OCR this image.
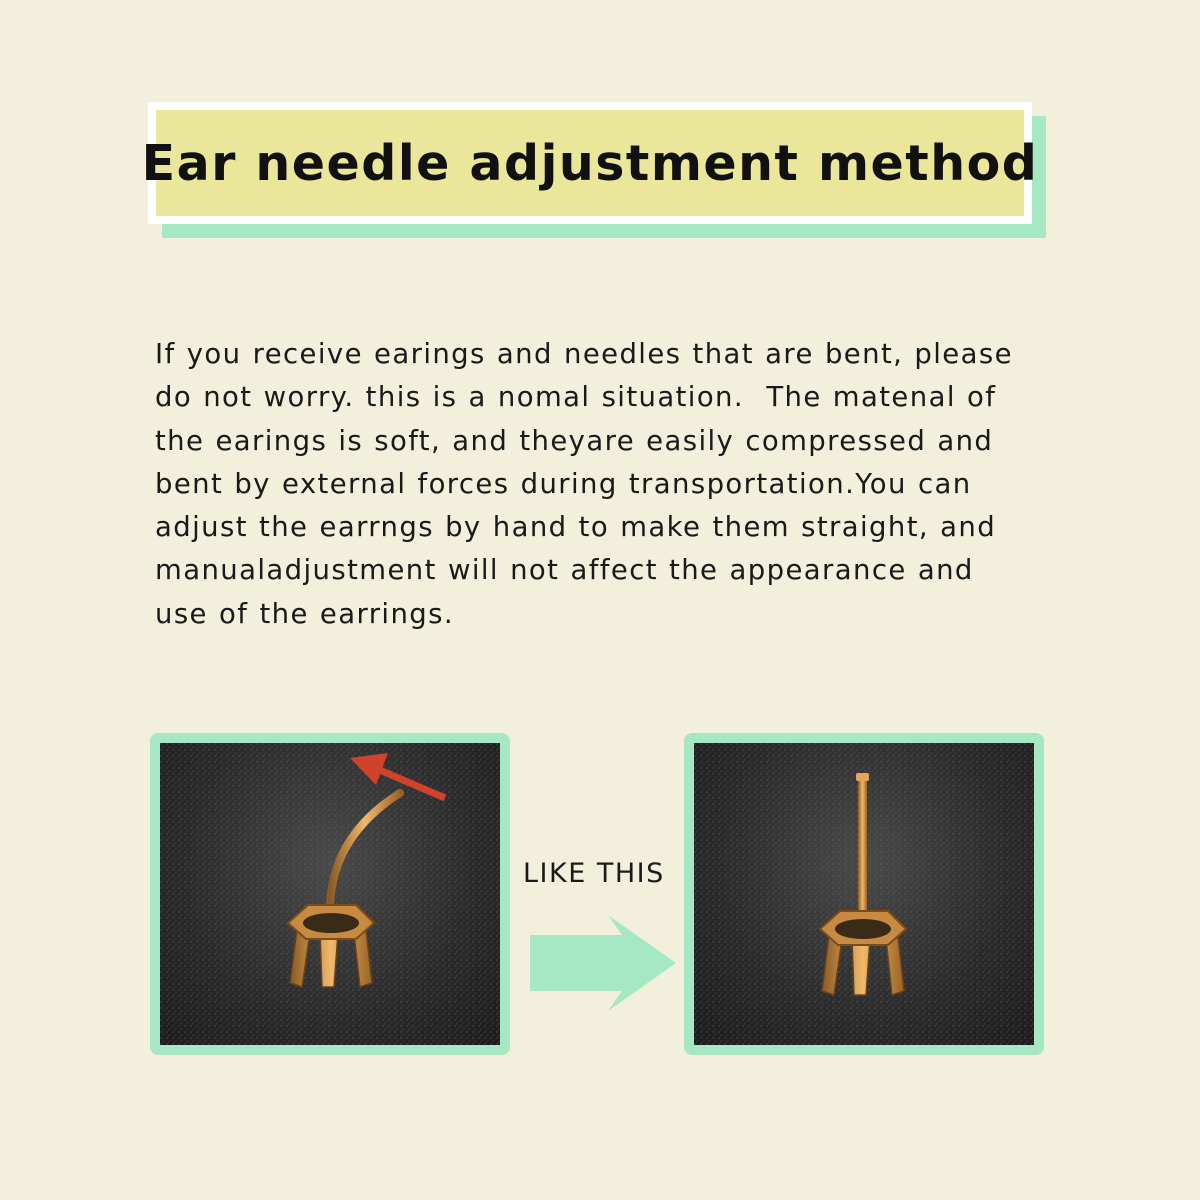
Ear needle adjustment method
If you receive earings and needles that are bent, please
do not worry. this is a nomal situation.  The matenal of
the earings is soft, and theyare easily compressed and
bent by external forces during transportation.You can
adjust the earrngs by hand to make them straight, and
manualadjustment will not affect the appearance and
use of the earrings.
LIKE THIS
